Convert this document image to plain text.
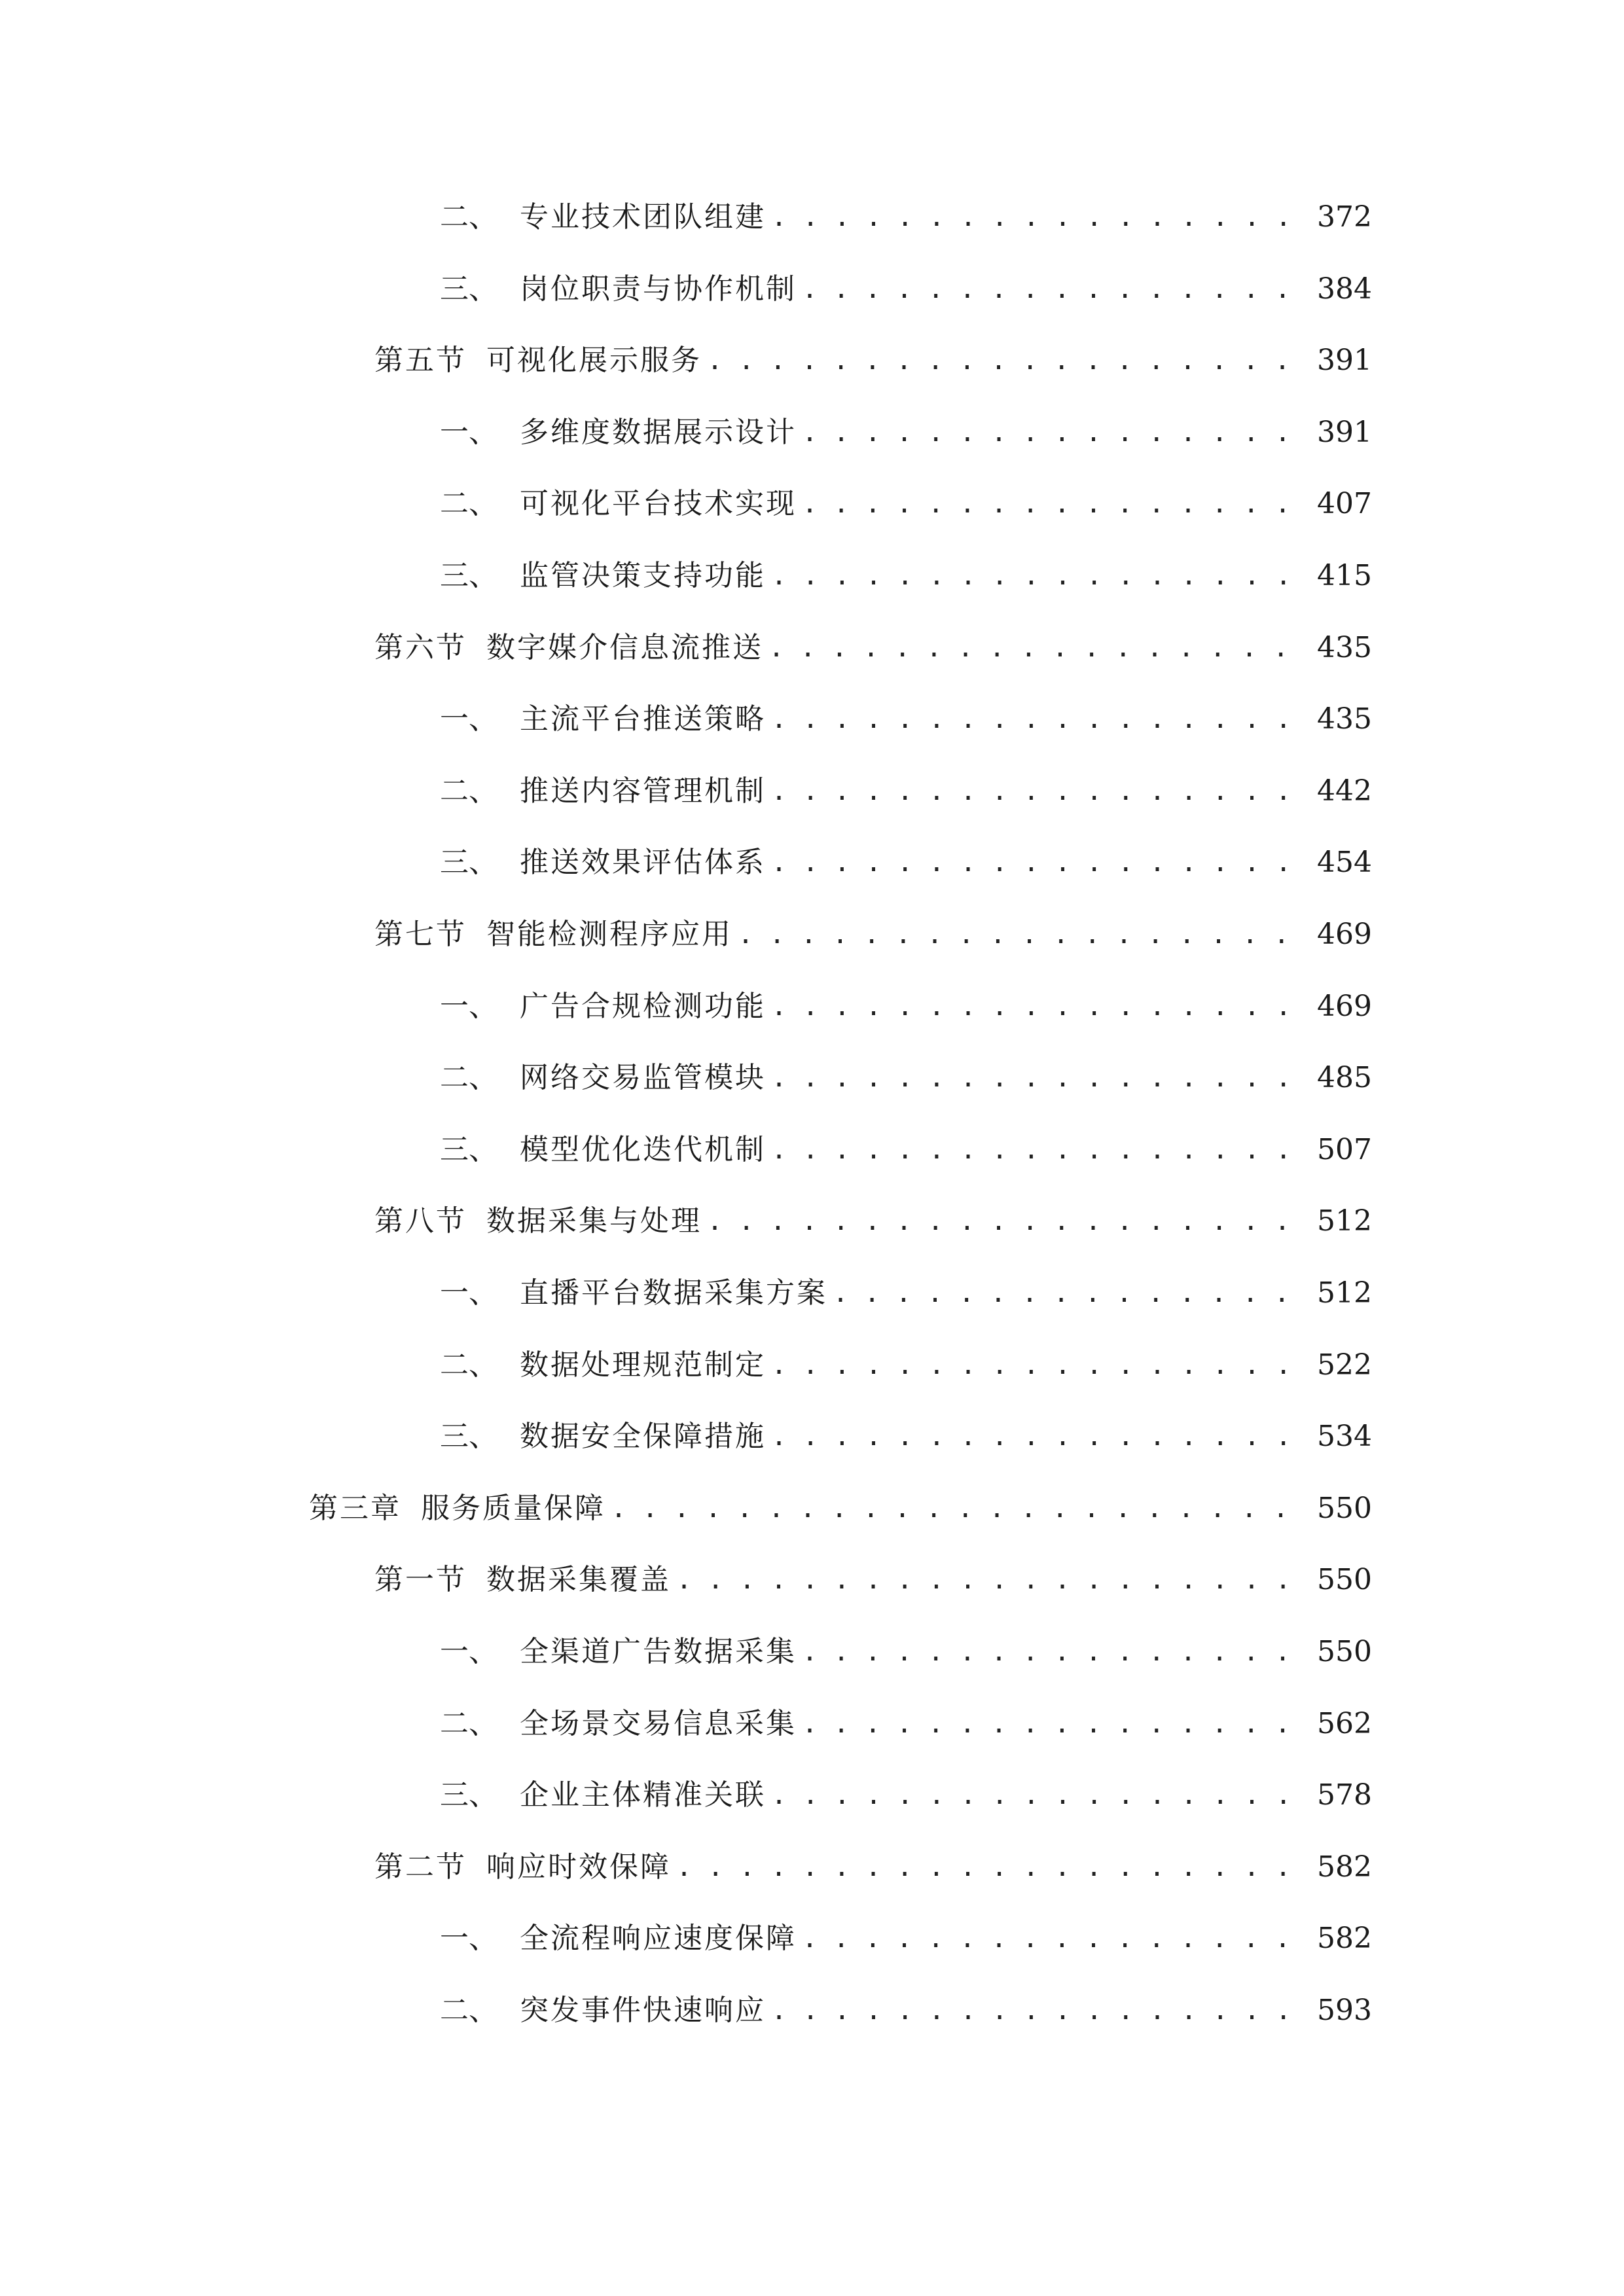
二、 专业技术团队组建 . . .	372
三、 岗位职责与协作机制 . . .	384
第五节 可视化展示服务 . . .	391
一、 多维度数据展示设计 . . .	391
二、 可视化平台技术实现 . . .	407
三、 监管决策支持功能 . . .	415
第六节 数字媒介信息流推送 . . .	435
一、 主流平台推送策略 . . .	435
二、 推送内容管理机制 . . .	442
三、 推送效果评估体系 . . .	454
第七节 智能检测程序应用 . . .	469
一、 广告合规检测功能 . . .	469
二、 网络交易监管模块 . . .	485
三、 模型优化迭代机制 . . .	507
第八节 数据采集与处理 . . .	512
一、 直播平台数据采集方案 . . .	512
二、 数据处理规范制定 . . .	522
三、 数据安全保障措施 . . .	534
第三章 服务质量保障 . . .	550
第一节 数据采集覆盖 . . .	550
一、 全渠道广告数据采集 . . .	550
二、 全场景交易信息采集 . . .	562
三、 企业主体精准关联 . . .	578
第二节 响应时效保障 . . .	582
一、 全流程响应速度保障 . . .	582
二、 突发事件快速响应 . . .	593
